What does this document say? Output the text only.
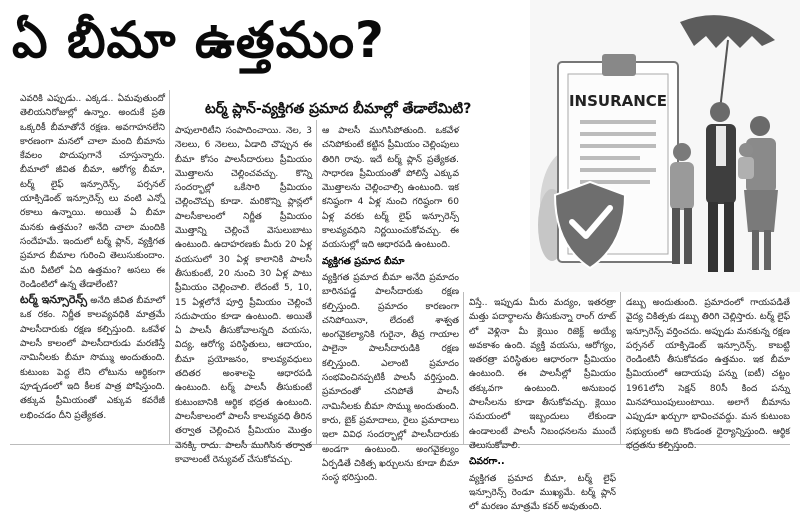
ఏ బీమా ఉత్తమం?
INSURANCE
టర్మ్ ప్లాన్-వ్యక్తిగత ప్రమాద బీమాల్లో తేడాలేమిటి?

ఎవరికి ఎప్పుడు.. ఎక్కడ.. ఏమవుతుందో తెలియనిరోజుల్లో ఉన్నాం. అందుకే ప్రతి ఒక్కరికీ బీమాతోనే రక్షణ. అవగాహనలేని కారణంగా మనలో చాలా మంది బీమాను కేవలం పొదుపుగానే చూస్తున్నారు. బీమాలో జీవిత బీమా, ఆరోగ్య బీమా, టర్మ్ లైఫ్ ఇన్సూరెన్స్, పర్సనల్ యాక్సిడెంట్ ఇన్సూరెన్స్ లు వంటి ఎన్నో రకాలు ఉన్నాయి. అయితే ఏ బీమా మనకు ఉత్తమం? అనేది చాలా మందికి సందేహమే. ఇందులో టర్మ్ ప్లాన్, వ్యక్తిగత ప్రమాద బీమాల గురించి తెలుసుకుందాం. మరి వీటిలో ఏది ఉత్తమం? అసలు ఈ రెండింటిలో ఉన్న తేడాలేంటి?

టర్మ్ ఇన్సూరెన్స్ అనేది జీవిత బీమాలో ఒక రకం. నిర్ణీత కాలవ్యవధికి మాత్రమే పాలసీదారుకు రక్షణ కల్పిస్తుంది. ఒకవేళ పాలసీ కాలంలో పాలసీదారుడు మరణిస్తే నామినీలకు బీమా సొమ్ము అందుతుంది. కుటుంబ పెద్ద లేని లోటును ఆర్థికంగా పూడ్చడంలో ఇది కీలక పాత్ర పోషిస్తుంది. తక్కువ ప్రీమియంతో ఎక్కువ కవరేజీ లభించడం దీని ప్రత్యేకత.

పాపులారిటీని సంపాదించాయి. నెల, 3 నెలలు, 6 నెలలు, ఏడాది చొప్పున ఈ బీమా కోసం పాలసీదారులు ప్రీమియం మొత్తాలను చెల్లించవచ్చు. కొన్ని సందర్భాల్లో ఒకేసారి ప్రీమియం చెల్లించొచ్చు కూడా. మరికొన్ని ప్లాన్లలో పాలసీకాలంలో నిర్ణీత ప్రీమియం మొత్తాన్ని చెల్లించే వెసులుబాటు ఉంటుంది. ఉదాహరణకు మీరు 20 ఏళ్ల వయసులో 30 ఏళ్ల కాలానికి పాలసీ తీసుకుంటే, 20 నుంచి 30 ఏళ్ల పాటు ప్రీమియం చెల్లించాలి. లేదంటే 5, 10, 15 ఏళ్లలోనే పూర్తి ప్రీమియం చెల్లించే సదుపాయం కూడా ఉంటుంది. అయితే ఏ పాలసీ తీసుకోవాలన్నది వయసు, విద్య, ఆరోగ్య పరిస్థితులు, ఆదాయం, బీమా ప్రయోజనం, కాలవ్యవధులు తదితర అంశాలపై ఆధారపడి ఉంటుంది. టర్మ్ పాలసీ తీసుకుంటే కుటుంబానికి ఆర్థిక భద్రత ఉంటుంది. పాలసీకాలంలో పాలసీ కాలవ్యవధి తీరిన తర్వాత చెల్లించిన ప్రీమియం మొత్తం వెనక్కి రాదు. పాలసీ ముగిసిన తర్వాత కావాలంటే రెన్యువల్ చేసుకోవచ్చు.

ఆ పాలసీ ముగిసిపోతుంది. ఒకవేళ చనిపోకుంటే కట్టిన ప్రీమియం చెల్లింపులు తిరిగి రావు. ఇదే టర్మ్ ప్లాన్ ప్రత్యేకత. సాధారణ ప్రీమియంతో పోలిస్తే ఎక్కువ మొత్తాలను చెల్లించాల్సి ఉంటుంది. ఇక కనిష్ఠంగా 4 ఏళ్ల నుంచి గరిష్ఠంగా 60 ఏళ్ల వరకు టర్మ్ లైఫ్ ఇన్సూరెన్స్ కాలవ్యవధిని నిర్ణయించుకోవచ్చు. ఈ వయసుల్లో ఇది ఆధారపడి ఉంటుంది.

వ్యక్తిగత ప్రమాద బీమా

వ్యక్తిగత ప్రమాద బీమా అనేది ప్రమాదం బారినపడ్డ పాలసీదారుకు రక్షణ కల్పిస్తుంది. ప్రమాదం కారణంగా చనిపోయినా, లేదంటే శాశ్వత అంగవైకల్యానికి గురైనా, తీవ్ర గాయాల పాలైనా పాలసీదారుడికి రక్షణ కల్పిస్తుంది. ఎలాంటి ప్రమాదం సంభవించినప్పటికీ పాలసీ వర్తిస్తుంది. ప్రమాదంతో చనిపోతే పాలసీ నామినీలకు బీమా సొమ్ము అందుతుంది. కారు, బైక్ ప్రమాదాలు, రైలు ప్రమాదాలు ఇలా వివిధ సందర్భాల్లో పాలసీదారుకు అండగా ఉంటుంది. అంగవైకల్యం ఏర్పడితే చికిత్స ఖర్చులను కూడా బీమా సంస్థ భరిస్తుంది.

విస్తే.. ఇప్పుడు మీరు మద్యం, ఇతరత్రా మత్తు పదార్థాలను తీసుకున్నా రాంగ్ రూట్ లో వెళ్లినా మీ క్లెయిం రిజెక్ట్ అయ్యే అవకాశం ఉంది. వ్యక్తి వయసు, ఆరోగ్యం, ఇతరత్రా పరిస్థితుల ఆధారంగా ప్రీమియం ఉంటుంది. ఈ పాలసీల్లో ప్రీమియం తక్కువగా ఉంటుంది. అనుబంధ పాలసీలను కూడా తీసుకోవచ్చు. క్లెయిం సమయంలో ఇబ్బందులు లేకుండా ఉండాలంటే పాలసీ నిబంధనలను ముందే తెలుసుకోవాలి.

చివరగా..

వ్యక్తిగత ప్రమాద బీమా, టర్మ్ లైఫ్ ఇన్సూరెన్స్ రెండూ ముఖ్యమే. టర్మ్ ప్లాన్ లో మరణం మాత్రమే కవర్ అవుతుంది.

డబ్బు అందుతుంది. ప్రమాదంలో గాయపడితే వైద్య చికిత్సకు డబ్బు తిరిగి చెల్లిస్తారు. టర్మ్ లైఫ్ ఇన్సూరెన్స్ వర్తించదు. అప్పుడు మనకున్న రక్షణ పర్సనల్ యాక్సిడెంట్ ఇన్సూరెన్స్. కాబట్టి రెండింటినీ తీసుకోవడం ఉత్తమం. ఇక బీమా ప్రీమియంలో ఆదాయపు పన్ను (ఐటీ) చట్టం 1961లోని సెక్షన్ 80సీ కింద పన్ను మినహాయింపులుంటాయి. అలాగే బీమాను ఎప్పుడూ ఖర్చుగా భావించవద్దు. మన కుటుంబ సభ్యులకు అది కొండంత ధైర్యాన్నిస్తుంది. ఆర్థిక భద్రతను కల్పిస్తుంది.
